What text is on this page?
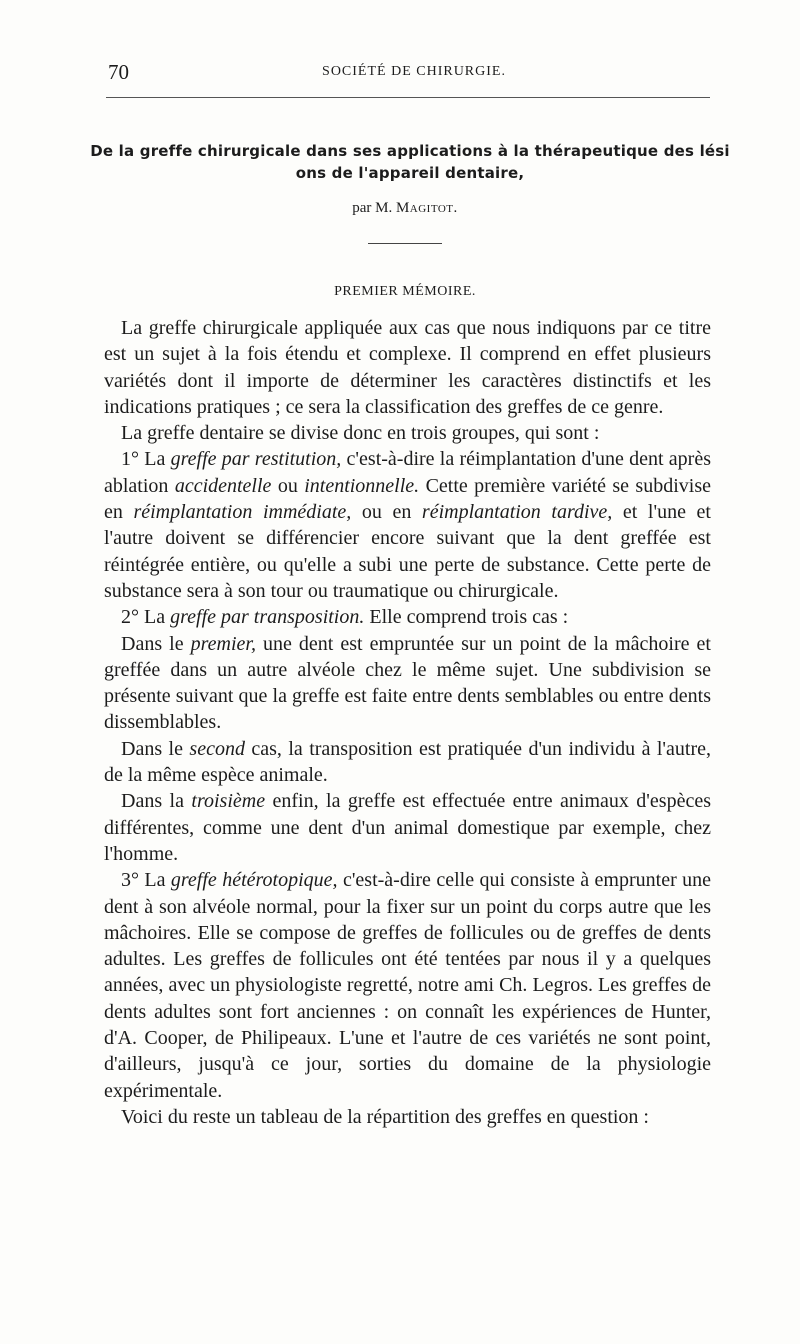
70	SOCIÉTÉ DE CHIRURGIE.
De la greffe chirurgicale dans ses applications à la thérapeutique des lési ons de l'appareil dentaire,
par M. Magitot.
PREMIER MÉMOIRE.

La greffe chirurgicale appliquée aux cas que nous indiquons par ce titre est un sujet à la fois étendu et complexe. Il comprend en effet plusieurs variétés dont il importe de déterminer les caractères distinctifs et les indications pratiques ; ce sera la classification des greffes de ce genre.

La greffe dentaire se divise donc en trois groupes, qui sont :

1° La greffe par restitution, c'est-à-dire la réimplantation d'une dent après ablation accidentelle ou intentionnelle. Cette première variété se subdivise en réimplantation immédiate, ou en réimplantation tardive, et l'une et l'autre doivent se différencier encore suivant que la dent greffée est réintégrée entière, ou qu'elle a subi une perte de substance. Cette perte de substance sera à son tour ou traumatique ou chirurgicale.

2° La greffe par transposition. Elle comprend trois cas :

Dans le premier, une dent est empruntée sur un point de la mâchoire et greffée dans un autre alvéole chez le même sujet. Une subdivision se présente suivant que la greffe est faite entre dents semblables ou entre dents dissemblables.

Dans le second cas, la transposition est pratiquée d'un individu à l'autre, de la même espèce animale.

Dans la troisième enfin, la greffe est effectuée entre animaux d'espèces différentes, comme une dent d'un animal domestique par exemple, chez l'homme.

3° La greffe hétérotopique, c'est-à-dire celle qui consiste à emprunter une dent à son alvéole normal, pour la fixer sur un point du corps autre que les mâchoires. Elle se compose de greffes de follicules ou de greffes de dents adultes. Les greffes de follicules ont été tentées par nous il y a quelques années, avec un physiologiste regretté, notre ami Ch. Legros. Les greffes de dents adultes sont fort anciennes : on connaît les expériences de Hunter, d'A. Cooper, de Philipeaux. L'une et l'autre de ces variétés ne sont point, d'ailleurs, jusqu'à ce jour, sorties du domaine de la physiologie expérimentale.

Voici du reste un tableau de la répartition des greffes en question :
